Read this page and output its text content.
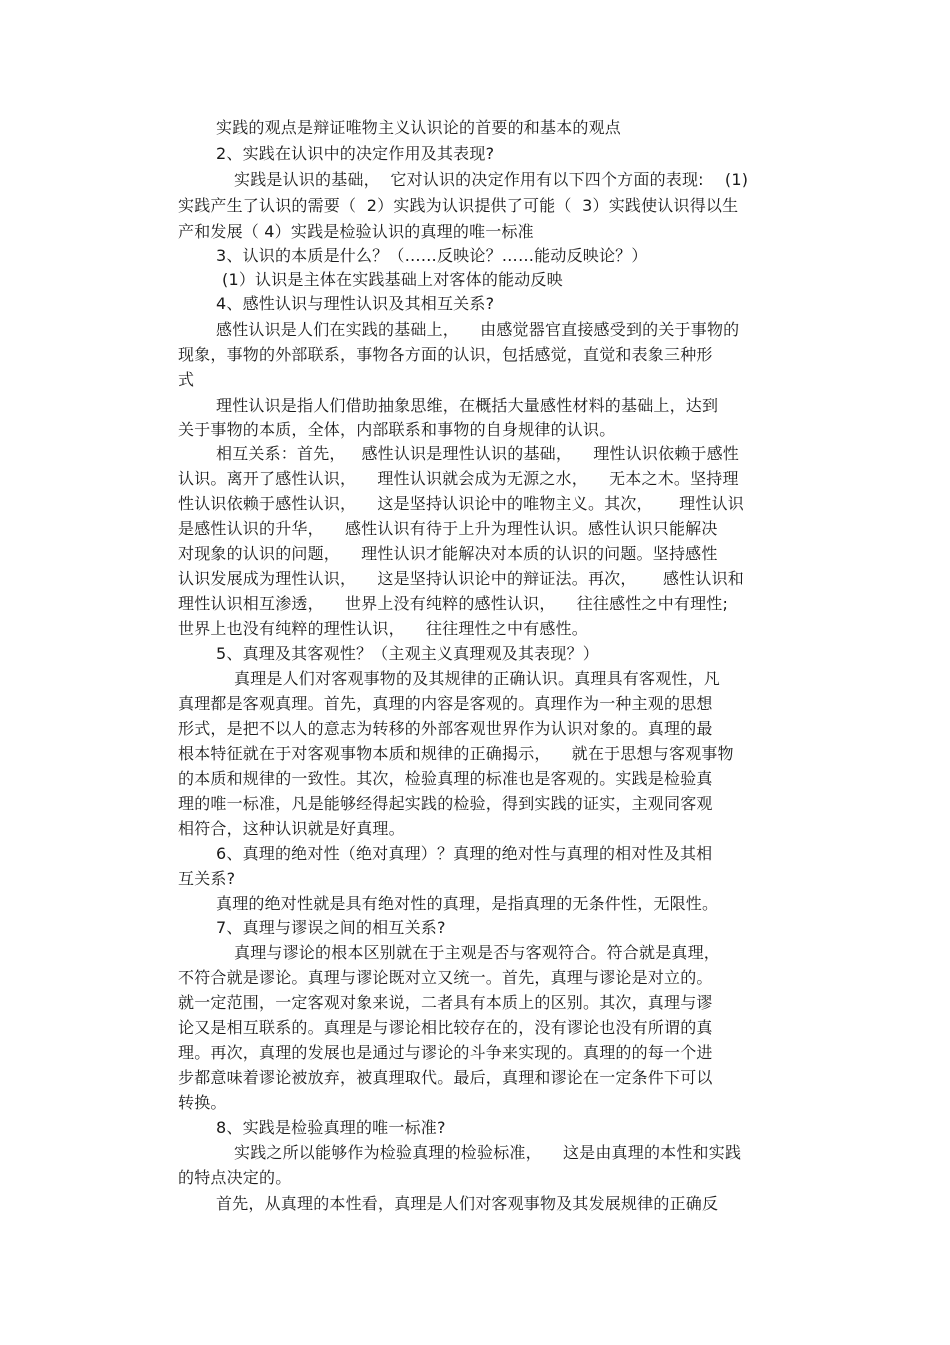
实践的观点是辩证唯物主义认识论的首要的和基本的观点
2、实践在认识中的决定作用及其表现?
实践是认识的基础，  它对认识的决定作用有以下四个方面的表现:    (1)
实践产生了认识的需要（  2）实践为认识提供了可能（  3）实践使认识得以生
产和发展（ 4）实践是检验认识的真理的唯一标准
3、认识的本质是什么？（……反映论？……能动反映论？）
(1）认识是主体在实践基础上对客体的能动反映
4、感性认识与理性认识及其相互关系?
感性认识是人们在实践的基础上，    由感觉器官直接感受到的关于事物的
现象，事物的外部联系，事物各方面的认识，包括感觉，直觉和表象三种形
式
理性认识是指人们借助抽象思维，在概括大量感性材料的基础上，达到
关于事物的本质，全体，内部联系和事物的自身规律的认识。
相互关系：首先，   感性认识是理性认识的基础，    理性认识依赖于感性
认识。离开了感性认识，    理性认识就会成为无源之水，    无本之木。坚持理
性认识依赖于感性认识，    这是坚持认识论中的唯物主义。其次，     理性认识
是感性认识的升华，    感性认识有待于上升为理性认识。感性认识只能解决
对现象的认识的问题，    理性认识才能解决对本质的认识的问题。坚持感性
认识发展成为理性认识，    这是坚持认识论中的辩证法。再次，     感性认识和
理性认识相互渗透，    世界上没有纯粹的感性认识，    往往感性之中有理性;
世界上也没有纯粹的理性认识，    往往理性之中有感性。
5、真理及其客观性？（主观主义真理观及其表现？）
真理是人们对客观事物的及其规律的正确认识。真理具有客观性，凡
真理都是客观真理。首先，真理的内容是客观的。真理作为一种主观的思想
形式，是把不以人的意志为转移的外部客观世界作为认识对象的。真理的最
根本特征就在于对客观事物本质和规律的正确揭示，    就在于思想与客观事物
的本质和规律的一致性。其次，检验真理的标准也是客观的。实践是检验真
理的唯一标准，凡是能够经得起实践的检验，得到实践的证实，主观同客观
相符合，这种认识就是好真理。
6、真理的绝对性（绝对真理）？真理的绝对性与真理的相对性及其相
互关系?
真理的绝对性就是具有绝对性的真理，是指真理的无条件性，无限性。
7、真理与谬误之间的相互关系?
真理与谬论的根本区别就在于主观是否与客观符合。符合就是真理，
不符合就是谬论。真理与谬论既对立又统一。首先，真理与谬论是对立的。
就一定范围，一定客观对象来说，二者具有本质上的区别。其次，真理与谬
论又是相互联系的。真理是与谬论相比较存在的，没有谬论也没有所谓的真
理。再次，真理的发展也是通过与谬论的斗争来实现的。真理的的每一个进
步都意味着谬论被放弃，被真理取代。最后，真理和谬论在一定条件下可以
转换。
8、实践是检验真理的唯一标准?
实践之所以能够作为检验真理的检验标准，    这是由真理的本性和实践
的特点决定的。
首先，从真理的本性看，真理是人们对客观事物及其发展规律的正确反
